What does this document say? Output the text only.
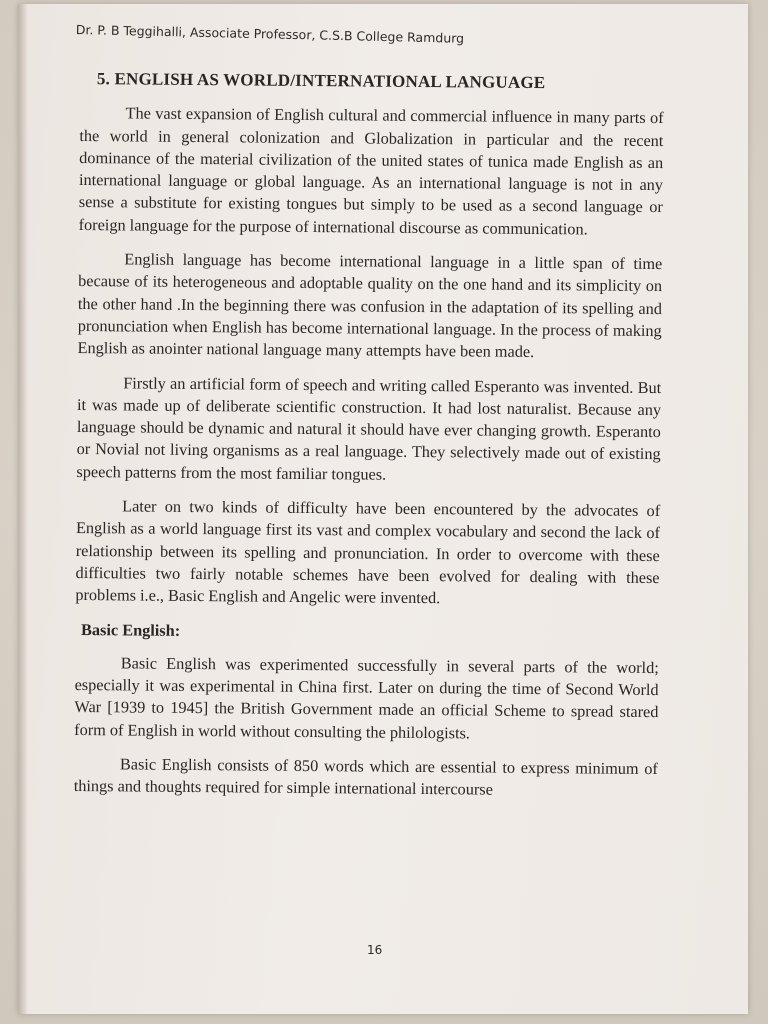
Dr. P. B Teggihalli, Associate Professor, C.S.B College Ramdurg
5. ENGLISH AS WORLD/INTERNATIONAL LANGUAGE

The vast expansion of English cultural and commercial influence in many parts of the world in general colonization and Globalization in particular and the recent dominance of the material civilization of the united states of tunica made English as an international language or global language. As an international language is not in any sense a substitute for existing tongues but simply to be used as a second language or foreign language for the purpose of international discourse as communication.

English language has become international language in a little span of time because of its heterogeneous and adoptable quality on the one hand and its simplicity on the other hand .In the beginning there was confusion in the adaptation of its spelling and pronunciation when English has become international language. In the process of making English as anointer national language many attempts have been made.

Firstly an artificial form of speech and writing called Esperanto was invented. But it was made up of deliberate scientific construction. It had lost naturalist. Because any language should be dynamic and natural it should have ever changing growth. Esperanto or Novial not living organisms as a real language. They selectively made out of existing speech patterns from the most familiar tongues.

Later on two kinds of difficulty have been encountered by the advocates of English as a world language first its vast and complex vocabulary and second the lack of relationship between its spelling and pronunciation. In order to overcome with these difficulties two fairly notable schemes have been evolved for dealing with these problems i.e., Basic English and Angelic were invented.

Basic English:

Basic English was experimented successfully in several parts of the world; especially it was experimental in China first. Later on during the time of Second World War [1939 to 1945] the British Government made an official Scheme to spread stared form of English in world without consulting the philologists.

Basic English consists of 850 words which are essential to express minimum of things and thoughts required for simple international intercourse

16
